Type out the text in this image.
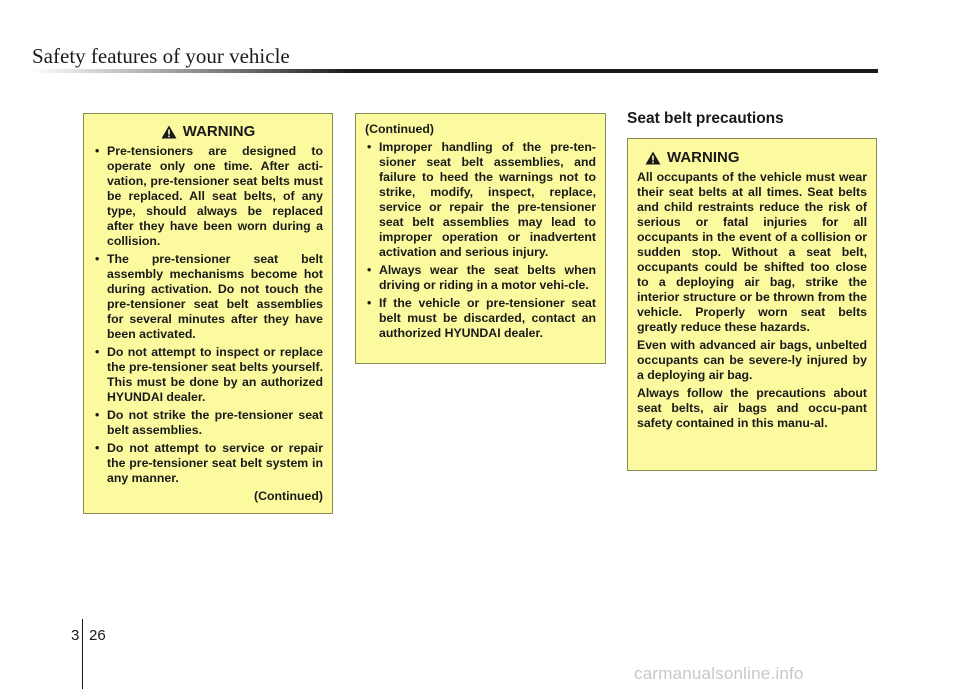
Safety features of your vehicle
WARNING
• Pre-tensioners are designed to operate only one time. After acti-vation, pre-tensioner seat belts must be replaced. All seat belts, of any type, should always be replaced after they have been worn during a collision.
• The pre-tensioner seat belt assembly mechanisms become hot during activation. Do not touch the pre-tensioner seat belt assemblies for several minutes after they have been activated.
• Do not attempt to inspect or replace the pre-tensioner seat belts yourself. This must be done by an authorized HYUNDAI dealer.
• Do not strike the pre-tensioner seat belt assemblies.
• Do not attempt to service or repair the pre-tensioner seat belt system in any manner.
(Continued)
(Continued)
• Improper handling of the pre-ten-sioner seat belt assemblies, and failure to heed the warnings not to strike, modify, inspect, replace, service or repair the pre-tensioner seat belt assemblies may lead to improper operation or inadvertent activation and serious injury.
• Always wear the seat belts when driving or riding in a motor vehi-cle.
• If the vehicle or pre-tensioner seat belt must be discarded, contact an authorized HYUNDAI dealer.
Seat belt precautions
WARNING
All occupants of the vehicle must wear their seat belts at all times. Seat belts and child restraints reduce the risk of serious or fatal injuries for all occupants in the event of a collision or sudden stop. Without a seat belt, occupants could be shifted too close to a deploying air bag, strike the interior structure or be thrown from the vehicle. Properly worn seat belts greatly reduce these hazards.
Even with advanced air bags, unbelted occupants can be severe-ly injured by a deploying air bag.
Always follow the precautions about seat belts, air bags and occu-pant safety contained in this manu-al.
3 26
carmanualsonline.info
